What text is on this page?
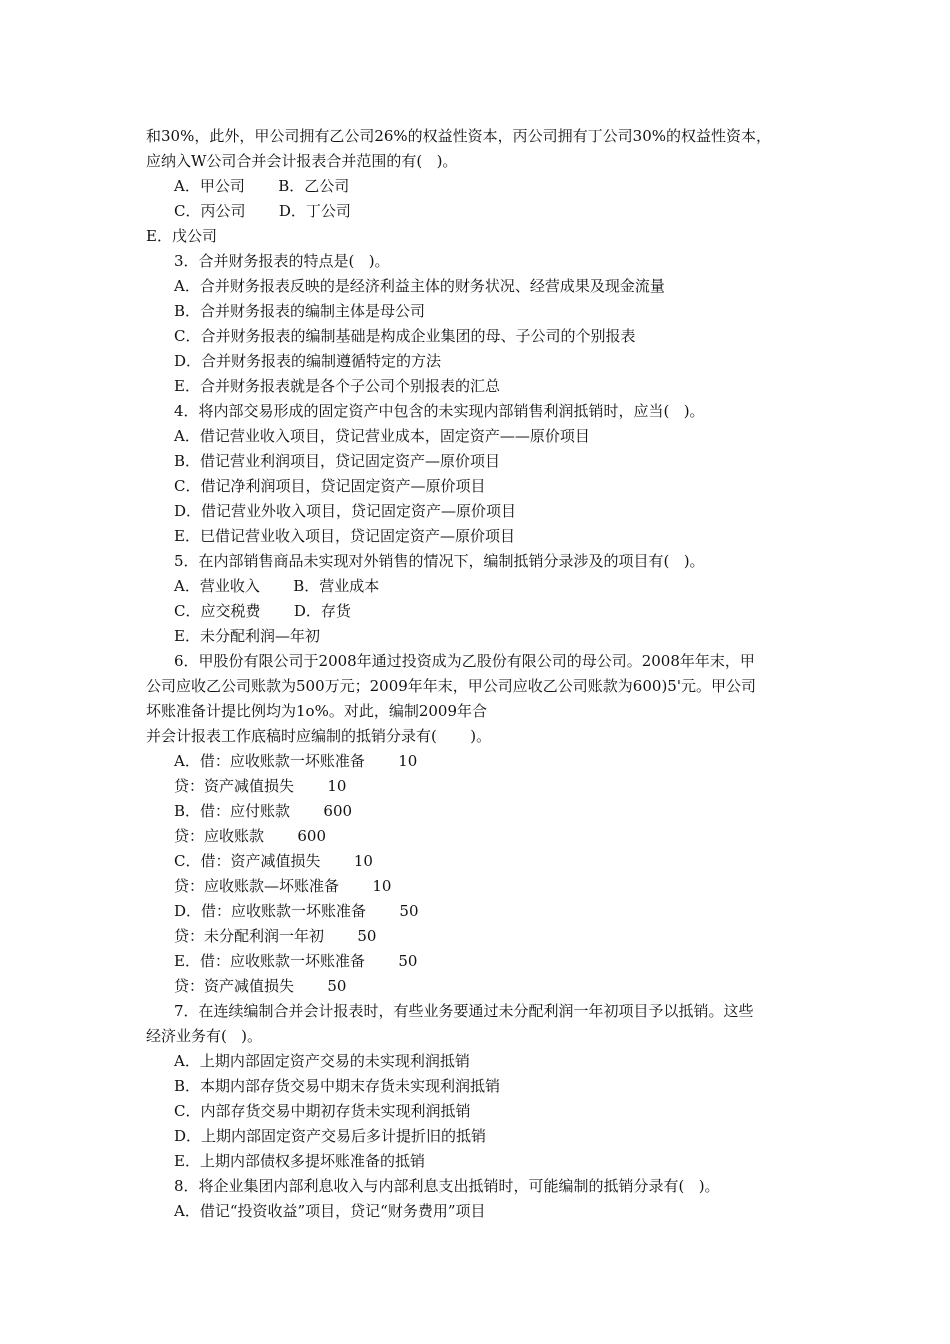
和30%，此外，甲公司拥有乙公司26%的权益性资本，丙公司拥有丁公司30%的权益性资本，
应纳入W公司合并会计报表合并范围的有(   )。
A．甲公司       B．乙公司
C．丙公司       D．丁公司
E．戊公司
3．合并财务报表的特点是(   )。
A．合并财务报表反映的是经济利益主体的财务状况、经营成果及现金流量
B．合并财务报表的编制主体是母公司
C．合并财务报表的编制基础是构成企业集团的母、子公司的个别报表
D．合并财务报表的编制遵循特定的方法
E．合并财务报表就是各个子公司个别报表的汇总
4．将内部交易形成的固定资产中包含的未实现内部销售利润抵销时，应当(   )。
A．借记营业收入项目，贷记营业成本，固定资产——原价项目
B．借记营业利润项目，贷记固定资产—原价项目
C．借记净利润项目，贷记固定资产—原价项目
D．借记营业外收入项目，贷记固定资产—原价项目
E．巳借记营业收入项目，贷记固定资产—原价项目
5．在内部销售商品未实现对外销售的情况下，编制抵销分录涉及的项目有(   )。
A．营业收入       B．营业成本
C．应交税费       D．存货
E．未分配利润—年初
6．甲股份有限公司于2008年通过投资成为乙股份有限公司的母公司。2008年年末，甲
公司应收乙公司账款为500万元；2009年年末，甲公司应收乙公司账款为600)5'元。甲公司
坏账准备计提比例均为1o%。对此，编制2009年合
并会计报表工作底稿时应编制的抵销分录有(       )。
A．借：应收账款一坏账准备       10
贷：资产减值损失       10
B．借：应付账款       600
贷：应收账款       600
C．借：资产减值损失       10
贷：应收账款—坏账准备       10
D．借：应收账款一坏账准备       50
贷：未分配利润一年初       50
E．借：应收账款一坏账准备       50
贷：资产减值损失       50
7．在连续编制合并会计报表时，有些业务要通过未分配利润一年初项目予以抵销。这些
经济业务有(   )。
A．上期内部固定资产交易的未实现利润抵销
B．本期内部存货交易中期末存货未实现利润抵销
C．内部存货交易中期初存货未实现利润抵销
D．上期内部固定资产交易后多计提折旧的抵销
E．上期内部债权多提坏账准备的抵销
8．将企业集团内部利息收入与内部利息支出抵销时，可能编制的抵销分录有(   )。
A．借记“投资收益”项目，贷记“财务费用”项目
